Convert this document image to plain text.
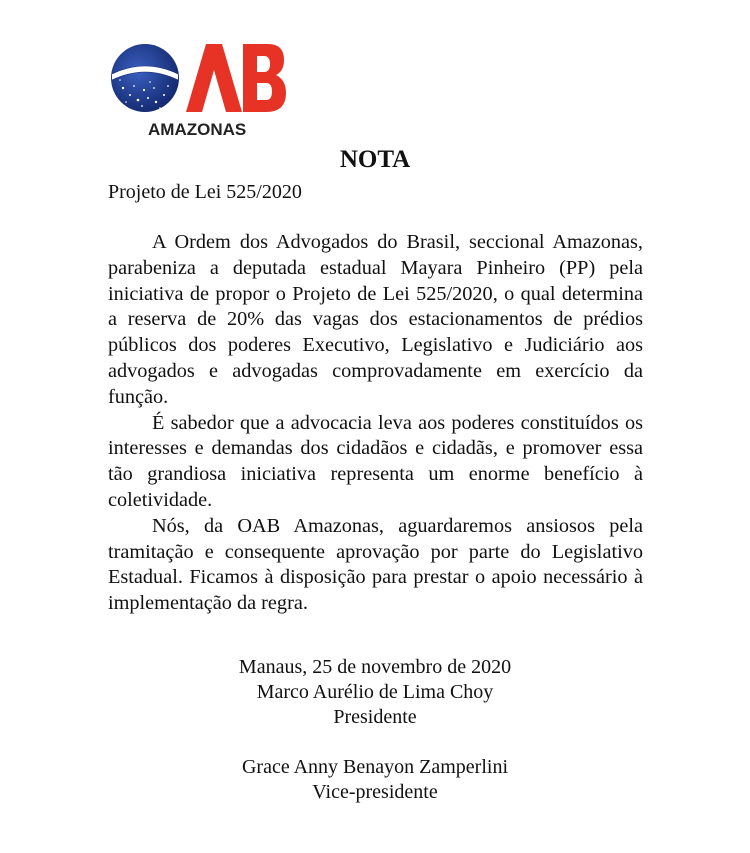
AMAZONAS
NOTA
Projeto de Lei 525/2020

A Ordem dos Advogados do Brasil, seccional Amazonas, parabeniza a deputada estadual Mayara Pinheiro (PP) pela iniciativa de propor o Projeto de Lei 525/2020, o qual determina a reserva de 20% das vagas dos estacionamentos de prédios públicos dos poderes Executivo, Legislativo e Judiciário aos advogados e advogadas comprovadamente em exercício da função.

É sabedor que a advocacia leva aos poderes constituídos os interesses e demandas dos cidadãos e cidadãs, e promover essa tão grandiosa iniciativa representa um enorme benefício à coletividade.

Nós, da OAB Amazonas, aguardaremos ansiosos pela tramitação e consequente aprovação por parte do Legislativo Estadual. Ficamos à disposição para prestar o apoio necessário à implementação da regra.

Manaus, 25 de novembro de 2020
Marco Aurélio de Lima Choy
Presidente
Grace Anny Benayon Zamperlini
Vice-presidente
